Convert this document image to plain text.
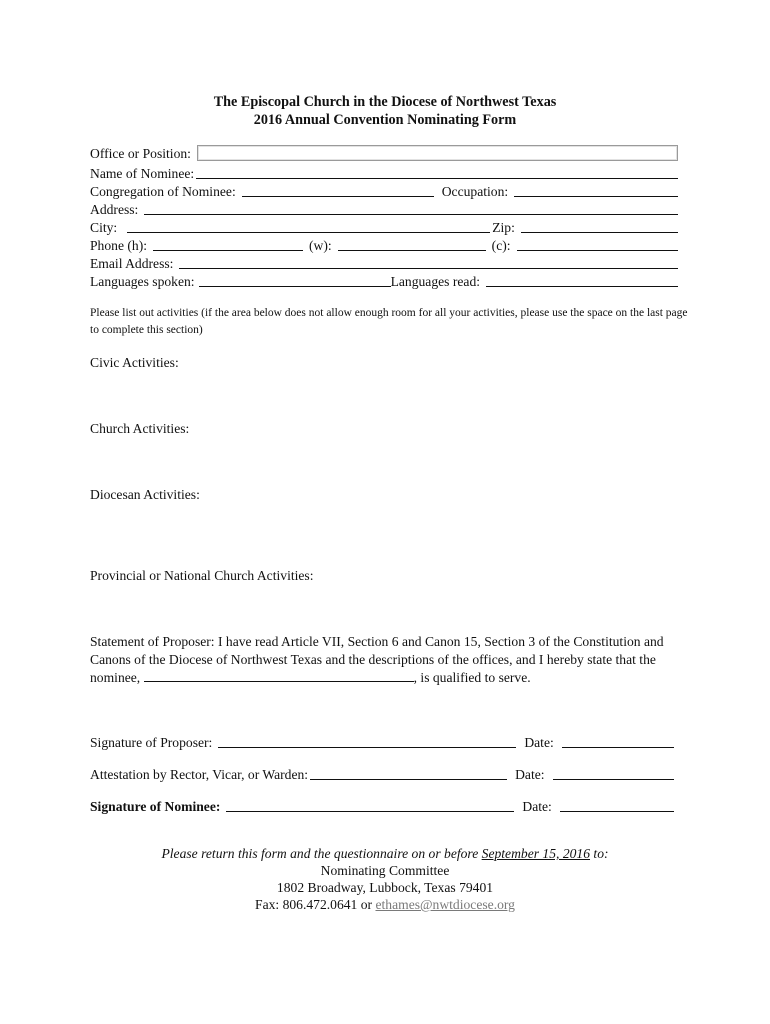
The Episcopal Church in the Diocese of Northwest Texas
2016 Annual Convention Nominating Form
Office or Position:
Name of Nominee:
Congregation of Nominee:	Occupation:
Address:
City:	Zip:
Phone (h):	(w):	(c):
Email Address:
Languages spoken:	Languages read:
Please list out activities (if the area below does not allow enough room for all your activities, please use the space on the last page to complete this section)
Civic Activities:
Church Activities:
Diocesan Activities:
Provincial or National Church Activities:
Statement of Proposer: I have read Article VII, Section 6 and Canon 15, Section 3 of the Constitution and Canons of the Diocese of Northwest Texas and the descriptions of the offices, and I hereby state that the nominee,	, is qualified to serve.
Signature of Proposer:	Date:
Attestation by Rector, Vicar, or Warden:	Date:
Signature of Nominee:	Date:
Please return this form and the questionnaire on or before September 15, 2016 to:
Nominating Committee
1802 Broadway, Lubbock, Texas 79401
Fax: 806.472.0641 or ethames@nwtdiocese.org
